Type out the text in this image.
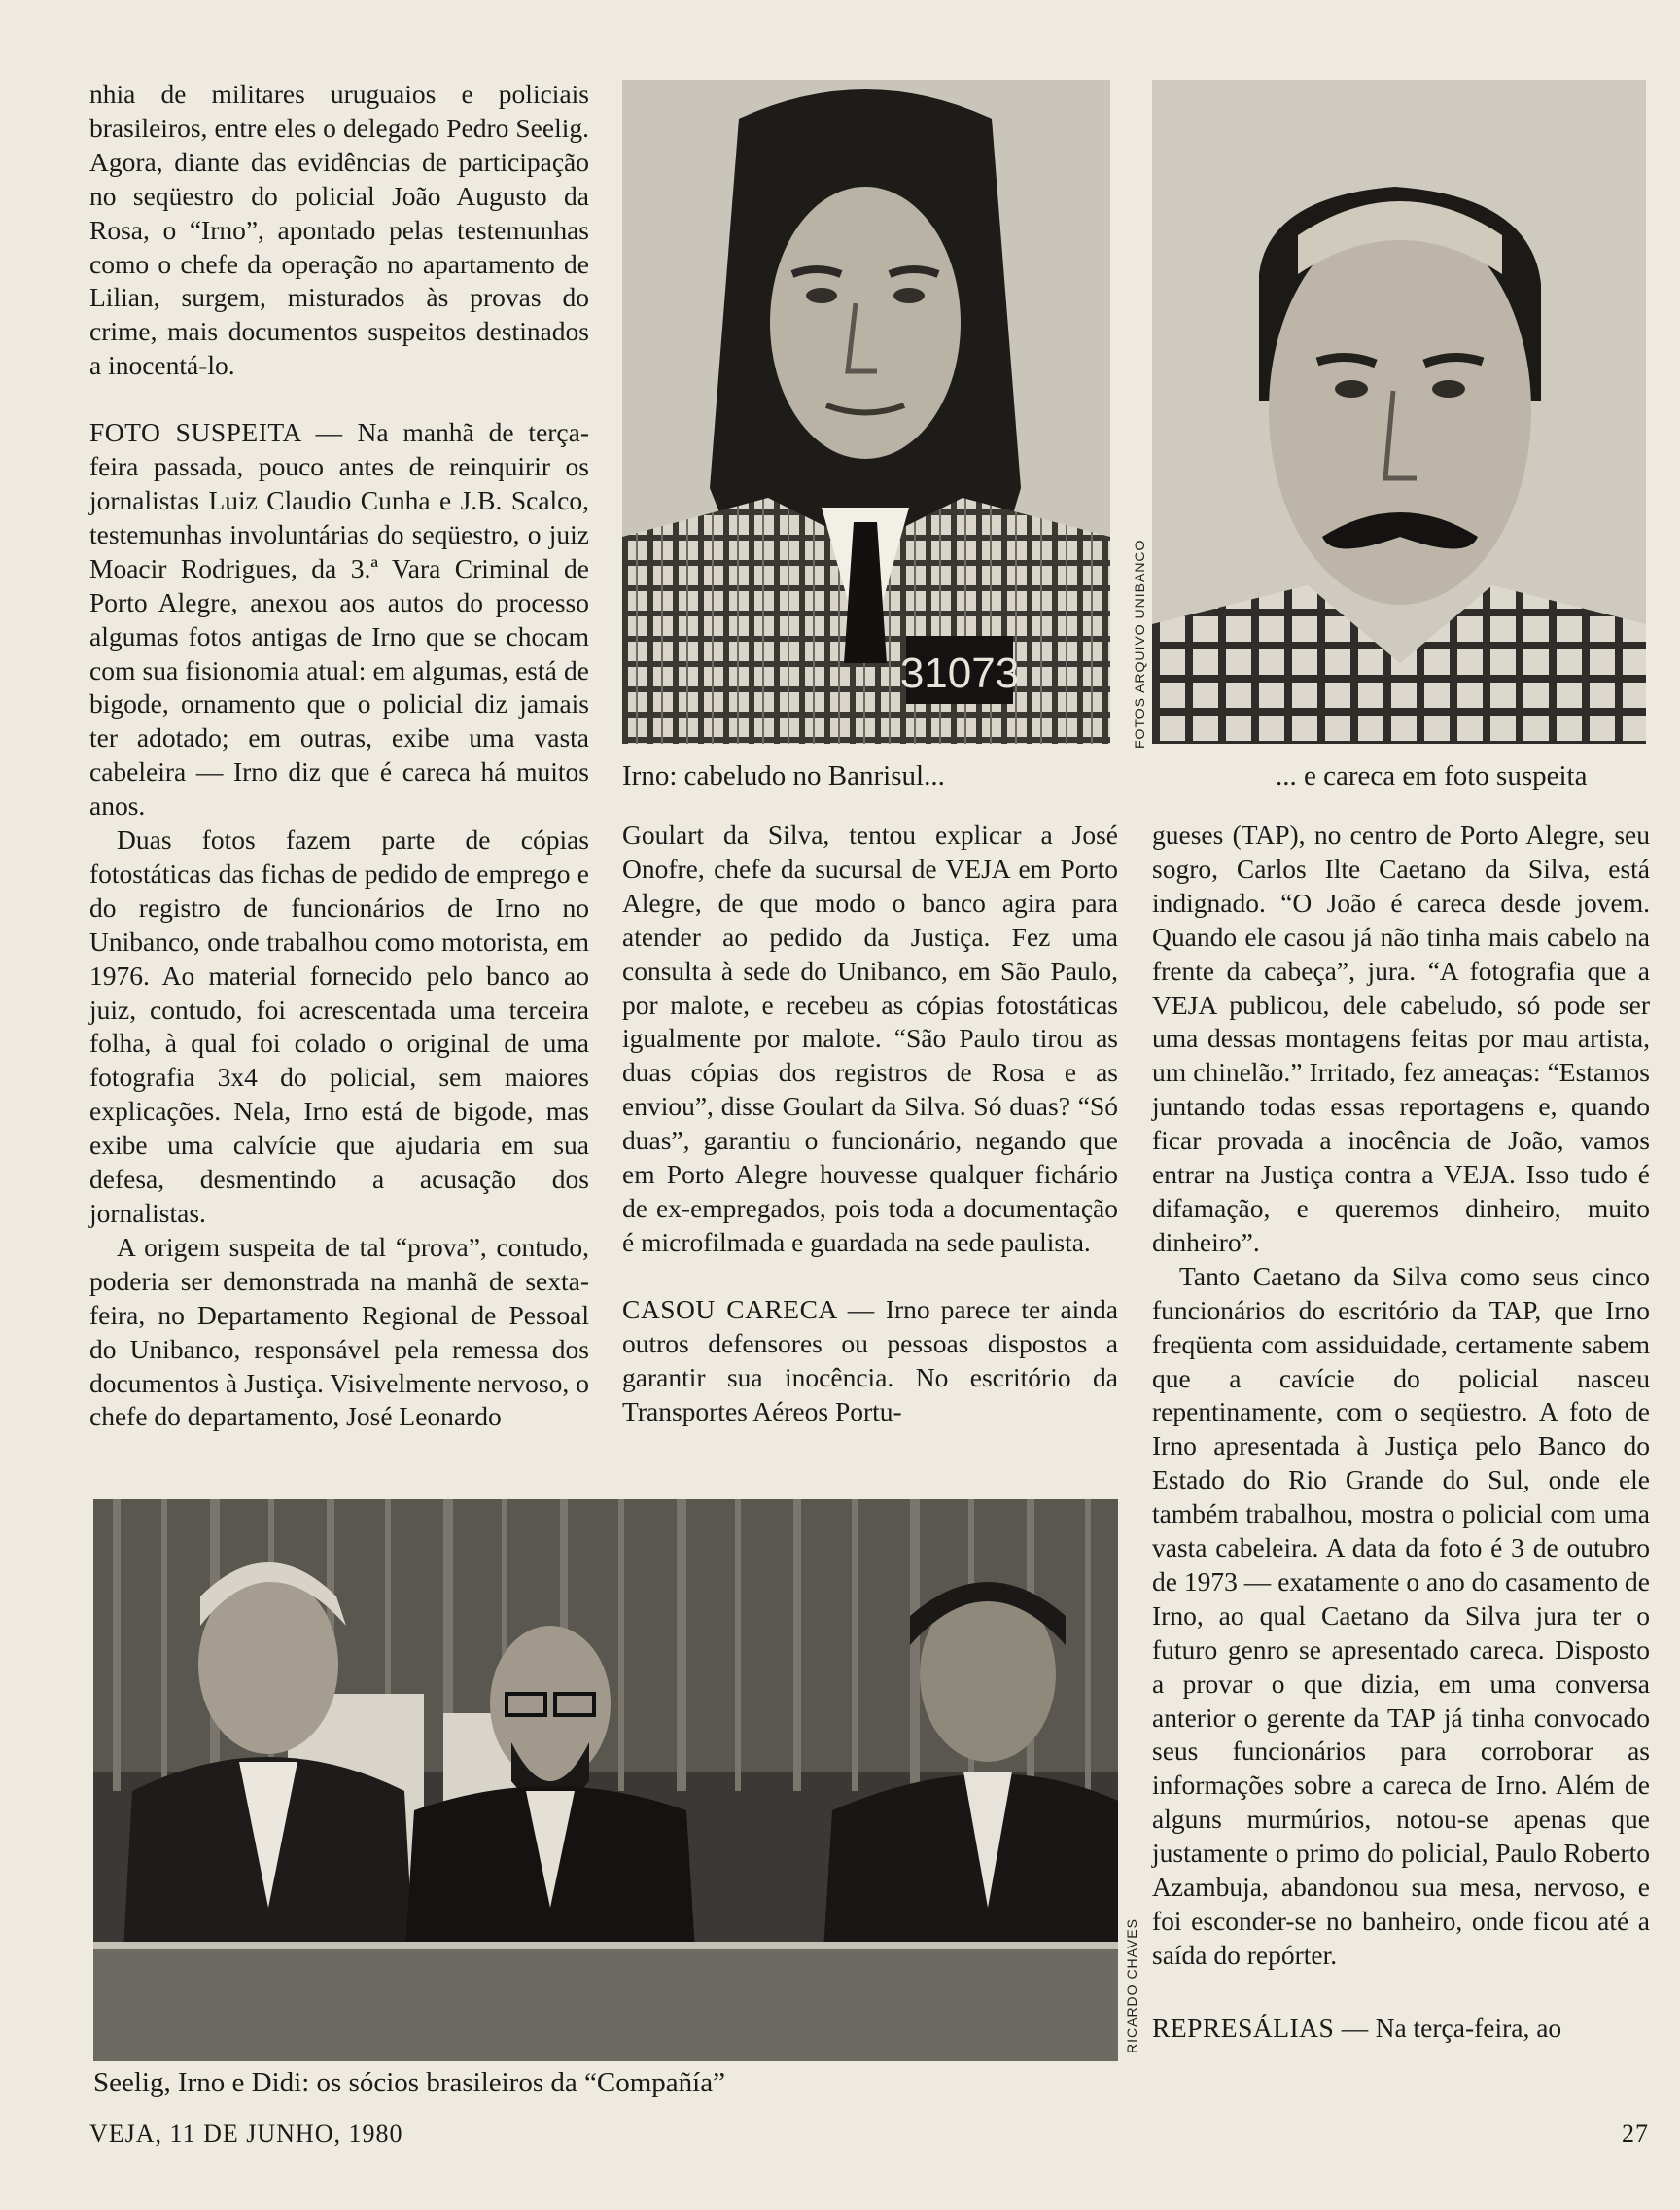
nhia de militares uruguaios e policiais brasileiros, entre eles o delegado Pedro Seelig. Agora, diante das evidências de participação no seqüestro do policial João Augusto da Rosa, o “Irno”, apontado pelas testemunhas como o chefe da operação no apartamento de Lilian, surgem, misturados às provas do crime, mais documentos suspeitos destinados a inocentá-lo.

FOTO SUSPEITA — Na manhã de terça-feira passada, pouco antes de reinquirir os jornalistas Luiz Claudio Cunha e J.B. Scalco, testemunhas involuntárias do seqüestro, o juiz Moacir Rodrigues, da 3.ª Vara Criminal de Porto Alegre, anexou aos autos do processo algumas fotos antigas de Irno que se chocam com sua fisionomia atual: em algumas, está de bigode, ornamento que o policial diz jamais ter adotado; em outras, exibe uma vasta cabeleira — Irno diz que é careca há muitos anos.

Duas fotos fazem parte de cópias fotostáticas das fichas de pedido de emprego e do registro de funcionários de Irno no Unibanco, onde trabalhou como motorista, em 1976. Ao material fornecido pelo banco ao juiz, contudo, foi acrescentada uma terceira folha, à qual foi colado o original de uma fotografia 3x4 do policial, sem maiores explicações. Nela, Irno está de bigode, mas exibe uma calvície que ajudaria em sua defesa, desmentindo a acusação dos jornalistas.

A origem suspeita de tal “prova”, contudo, poderia ser demonstrada na manhã de sexta-feira, no Departamento Regional de Pessoal do Unibanco, responsável pela remessa dos documentos à Justiça. Visivelmente nervoso, o chefe do departamento, José Leonardo

31073
Irno: cabeludo no Banrisul...
FOTOS ARQUIVO UNIBANCO
... e careca em foto suspeita

Goulart da Silva, tentou explicar a José Onofre, chefe da sucursal de VEJA em Porto Alegre, de que modo o banco agira para atender ao pedido da Justiça. Fez uma consulta à sede do Unibanco, em São Paulo, por malote, e recebeu as cópias fotostáticas igualmente por malote. “São Paulo tirou as duas cópias dos registros de Rosa e as enviou”, disse Goulart da Silva. Só duas? “Só duas”, garantiu o funcionário, negando que em Porto Alegre houvesse qualquer fichário de ex-empregados, pois toda a documentação é microfilmada e guardada na sede paulista.

CASOU CARECA — Irno parece ter ainda outros defensores ou pessoas dispostos a garantir sua inocência. No escritório da Transportes Aéreos Portu-

gueses (TAP), no centro de Porto Alegre, seu sogro, Carlos Ilte Caetano da Silva, está indignado. “O João é careca desde jovem. Quando ele casou já não tinha mais cabelo na frente da cabeça”, jura. “A fotografia que a VEJA publicou, dele cabeludo, só pode ser uma dessas montagens feitas por mau artista, um chinelão.” Irritado, fez ameaças: “Estamos juntando todas essas reportagens e, quando ficar provada a inocência de João, vamos entrar na Justiça contra a VEJA. Isso tudo é difamação, e queremos dinheiro, muito dinheiro”.

Tanto Caetano da Silva como seus cinco funcionários do escritório da TAP, que Irno freqüenta com assiduidade, certamente sabem que a cavície do policial nasceu repentinamente, com o seqüestro. A foto de Irno apresentada à Justiça pelo Banco do Estado do Rio Grande do Sul, onde ele também trabalhou, mostra o policial com uma vasta cabeleira. A data da foto é 3 de outubro de 1973 — exatamente o ano do casamento de Irno, ao qual Caetano da Silva jura ter o futuro genro se apresentado careca. Disposto a provar o que dizia, em uma conversa anterior o gerente da TAP já tinha convocado seus funcionários para corroborar as informações sobre a careca de Irno. Além de alguns murmúrios, notou-se apenas que justamente o primo do policial, Paulo Roberto Azambuja, abandonou sua mesa, nervoso, e foi esconder-se no banheiro, onde ficou até a saída do repórter.

REPRESÁLIAS — Na terça-feira, ao

RICARDO CHAVES
Seelig, Irno e Didi: os sócios brasileiros da “Compañía”
VEJA, 11 DE JUNHO, 1980	27
